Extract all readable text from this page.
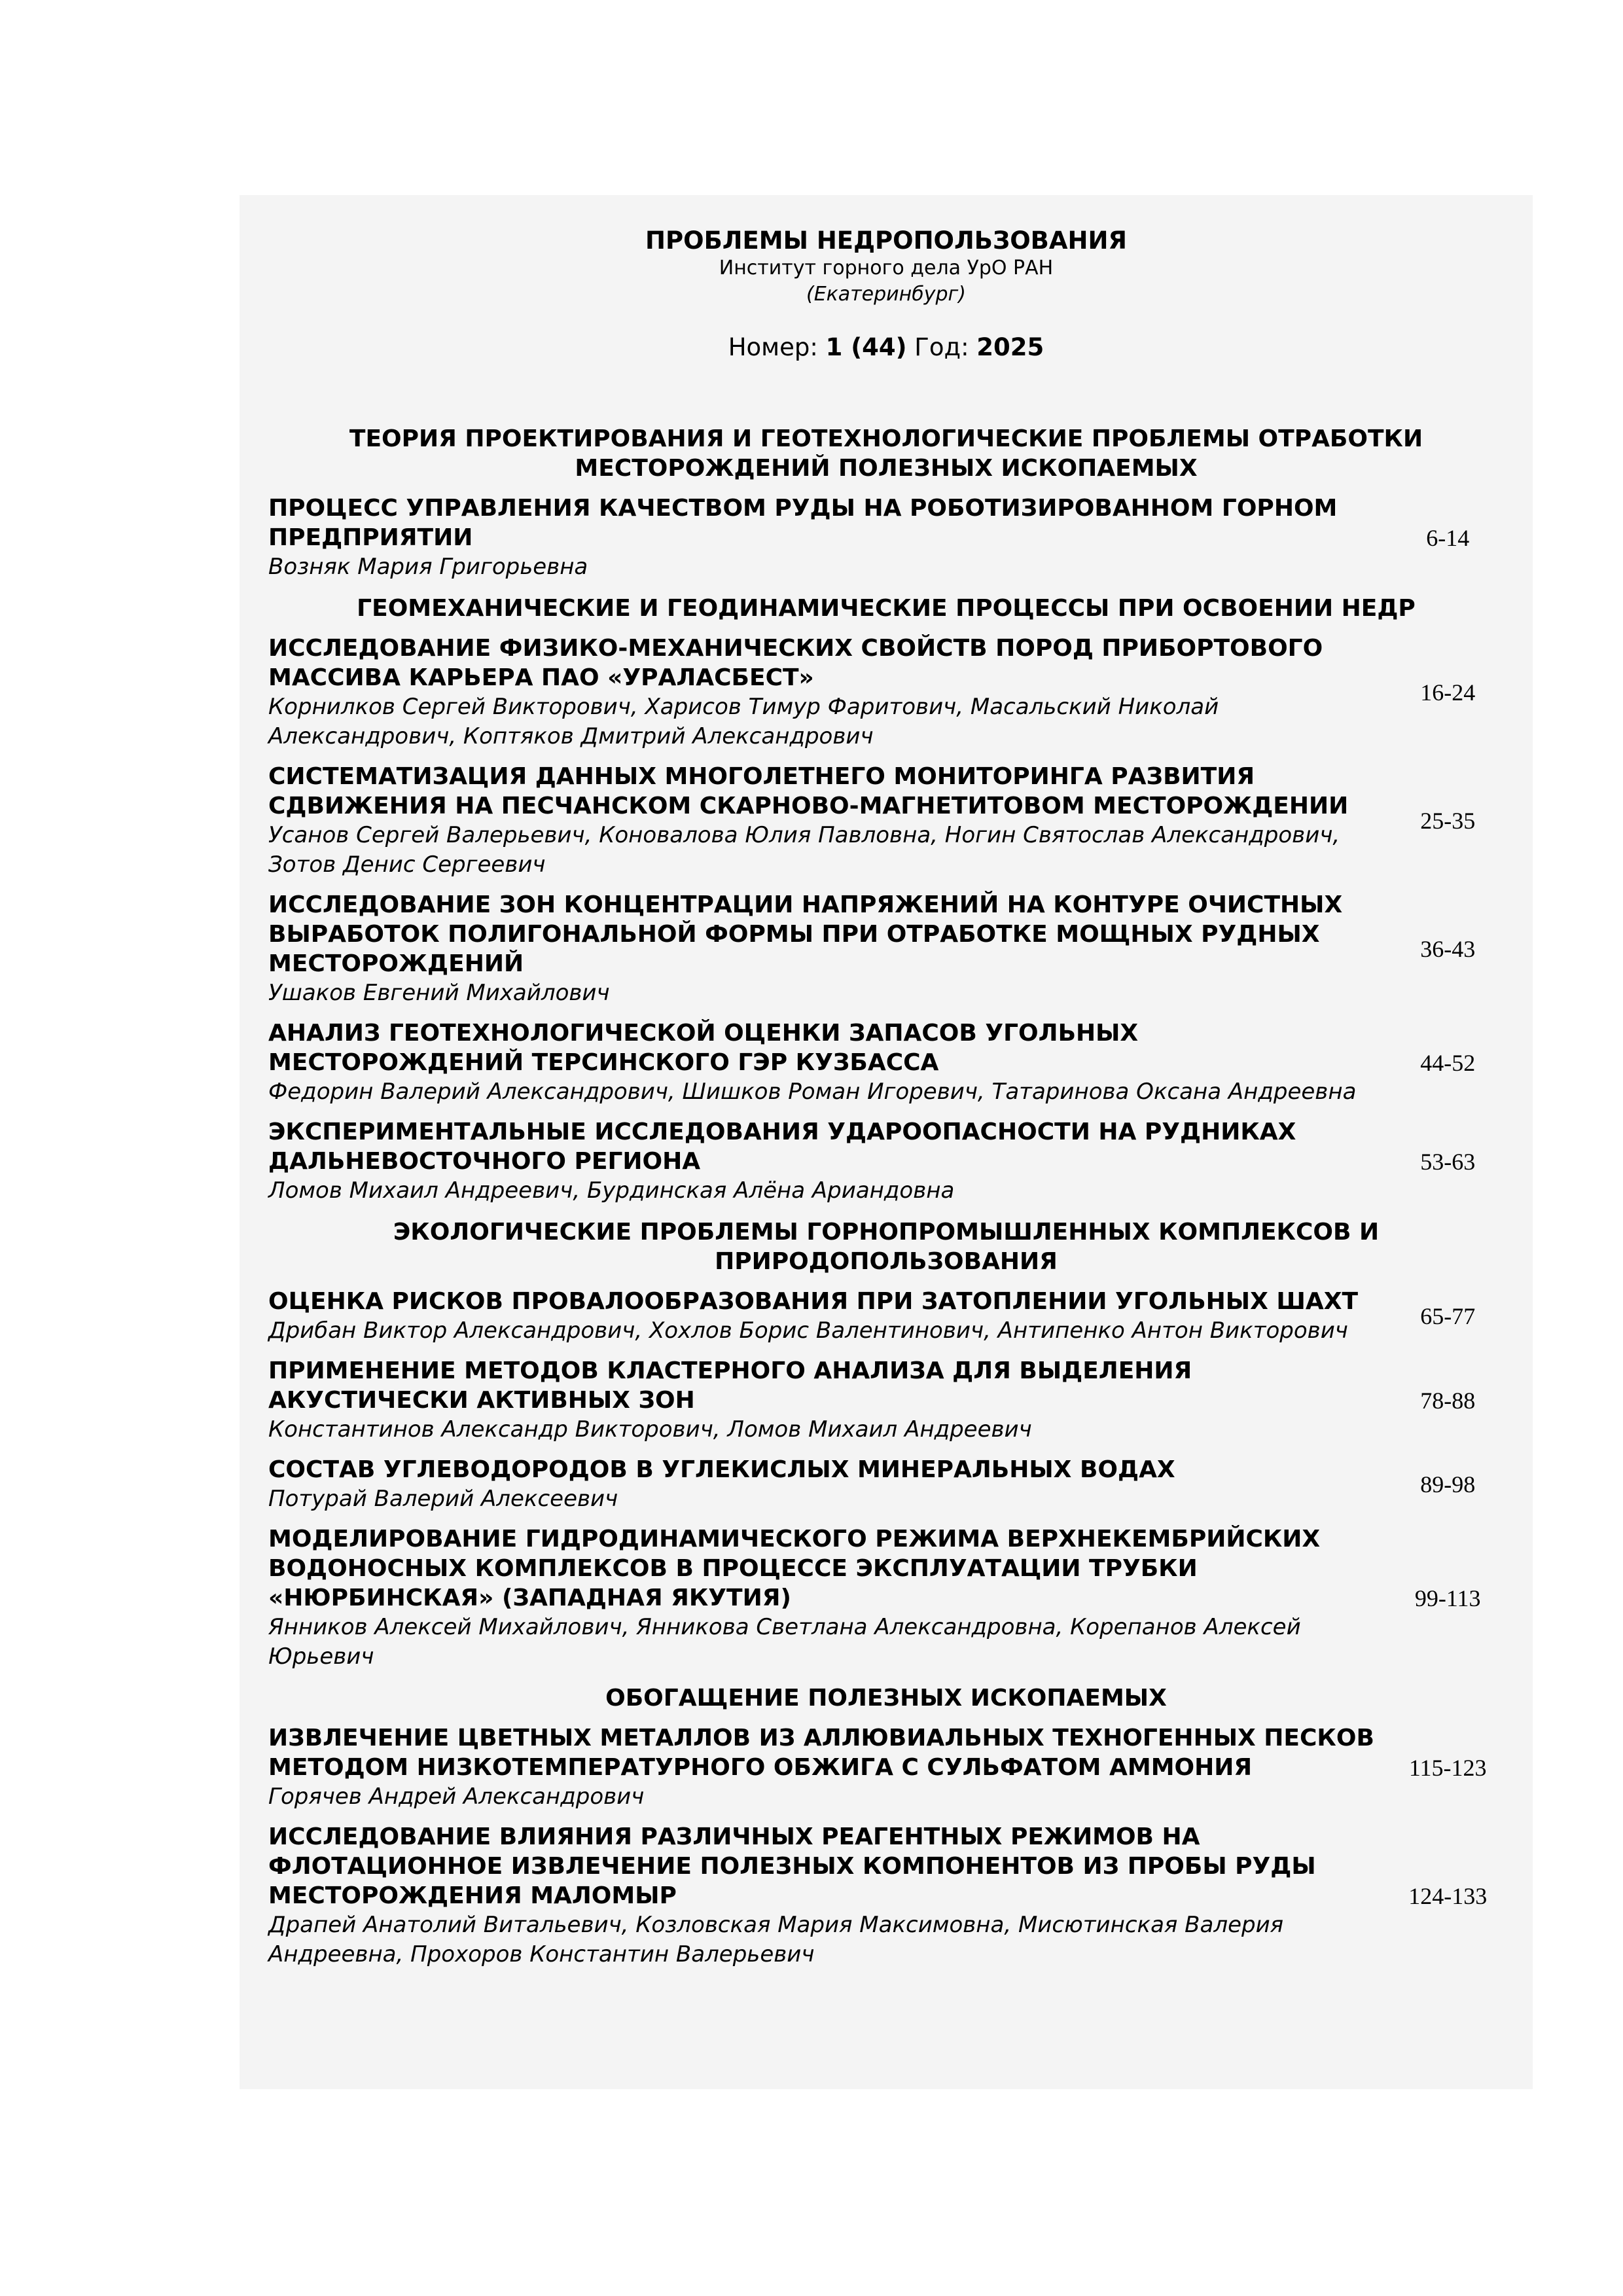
ПРОБЛЕМЫ НЕДРОПОЛЬЗОВАНИЯ
Институт горного дела УрО РАН
(Екатеринбург)
Номер: 1 (44) Год: 2025
ТЕОРИЯ ПРОЕКТИРОВАНИЯ И ГЕОТЕХНОЛОГИЧЕСКИЕ ПРОБЛЕМЫ ОТРАБОТКИ МЕСТОРОЖДЕНИЙ ПОЛЕЗНЫХ ИСКОПАЕМЫХ
ПРОЦЕСС УПРАВЛЕНИЯ КАЧЕСТВОМ РУДЫ НА РОБОТИЗИРОВАННОМ ГОРНОМ ПРЕДПРИЯТИИ
Возняк Мария Григорьевна
6-14
ГЕОМЕХАНИЧЕСКИЕ И ГЕОДИНАМИЧЕСКИЕ ПРОЦЕССЫ ПРИ ОСВОЕНИИ НЕДР
ИССЛЕДОВАНИЕ ФИЗИКО-МЕХАНИЧЕСКИХ СВОЙСТВ ПОРОД ПРИБОРТОВОГО МАССИВА КАРЬЕРА ПАО «УРАЛАСБЕСТ»
Корнилков Сергей Викторович, Харисов Тимур Фаритович, Масальский Николай Александрович, Коптяков Дмитрий Александрович
16-24
СИСТЕМАТИЗАЦИЯ ДАННЫХ МНОГОЛЕТНЕГО МОНИТОРИНГА РАЗВИТИЯ СДВИЖЕНИЯ НА ПЕСЧАНСКОМ СКАРНОВО-МАГНЕТИТОВОМ МЕСТОРОЖДЕНИИ
Усанов Сергей Валерьевич, Коновалова Юлия Павловна, Ногин Святослав Александрович, Зотов Денис Сергеевич
25-35
ИССЛЕДОВАНИЕ ЗОН КОНЦЕНТРАЦИИ НАПРЯЖЕНИЙ НА КОНТУРЕ ОЧИСТНЫХ ВЫРАБОТОК ПОЛИГОНАЛЬНОЙ ФОРМЫ ПРИ ОТРАБОТКЕ МОЩНЫХ РУДНЫХ МЕСТОРОЖДЕНИЙ
Ушаков Евгений Михайлович
36-43
АНАЛИЗ ГЕОТЕХНОЛОГИЧЕСКОЙ ОЦЕНКИ ЗАПАСОВ УГОЛЬНЫХ МЕСТОРОЖДЕНИЙ ТЕРСИНСКОГО ГЭР КУЗБАССА
Федорин Валерий Александрович, Шишков Роман Игоревич, Татаринова Оксана Андреевна
44-52
ЭКСПЕРИМЕНТАЛЬНЫЕ ИССЛЕДОВАНИЯ УДАРООПАСНОСТИ НА РУДНИКАХ ДАЛЬНЕВОСТОЧНОГО РЕГИОНА
Ломов Михаил Андреевич, Бурдинская Алёна Ариандовна
53-63
ЭКОЛОГИЧЕСКИЕ ПРОБЛЕМЫ ГОРНОПРОМЫШЛЕННЫХ КОМПЛЕКСОВ И ПРИРОДОПОЛЬЗОВАНИЯ
ОЦЕНКА РИСКОВ ПРОВАЛООБРАЗОВАНИЯ ПРИ ЗАТОПЛЕНИИ УГОЛЬНЫХ ШАХТ
Дрибан Виктор Александрович, Хохлов Борис Валентинович, Антипенко Антон Викторович
65-77
ПРИМЕНЕНИЕ МЕТОДОВ КЛАСТЕРНОГО АНАЛИЗА ДЛЯ ВЫДЕЛЕНИЯ АКУСТИЧЕСКИ АКТИВНЫХ ЗОН
Константинов Александр Викторович, Ломов Михаил Андреевич
78-88
СОСТАВ УГЛЕВОДОРОДОВ В УГЛЕКИСЛЫХ МИНЕРАЛЬНЫХ ВОДАХ
Потурай Валерий Алексеевич
89-98
МОДЕЛИРОВАНИЕ ГИДРОДИНАМИЧЕСКОГО РЕЖИМА ВЕРХНЕКЕМБРИЙСКИХ ВОДОНОСНЫХ КОМПЛЕКСОВ В ПРОЦЕССЕ ЭКСПЛУАТАЦИИ ТРУБКИ «НЮРБИНСКАЯ» (ЗАПАДНАЯ ЯКУТИЯ)
Янников Алексей Михайлович, Янникова Светлана Александровна, Корепанов Алексей Юрьевич
99-113
ОБОГАЩЕНИЕ ПОЛЕЗНЫХ ИСКОПАЕМЫХ
ИЗВЛЕЧЕНИЕ ЦВЕТНЫХ МЕТАЛЛОВ ИЗ АЛЛЮВИАЛЬНЫХ ТЕХНОГЕННЫХ ПЕСКОВ МЕТОДОМ НИЗКОТЕМПЕРАТУРНОГО ОБЖИГА С СУЛЬФАТОМ АММОНИЯ
Горячев Андрей Александрович
115-123
ИССЛЕДОВАНИЕ ВЛИЯНИЯ РАЗЛИЧНЫХ РЕАГЕНТНЫХ РЕЖИМОВ НА ФЛОТАЦИОННОЕ ИЗВЛЕЧЕНИЕ ПОЛЕЗНЫХ КОМПОНЕНТОВ ИЗ ПРОБЫ РУДЫ МЕСТОРОЖДЕНИЯ МАЛОМЫР
Драпей Анатолий Витальевич, Козловская Мария Максимовна, Мисютинская Валерия Андреевна, Прохоров Константин Валерьевич
124-133
